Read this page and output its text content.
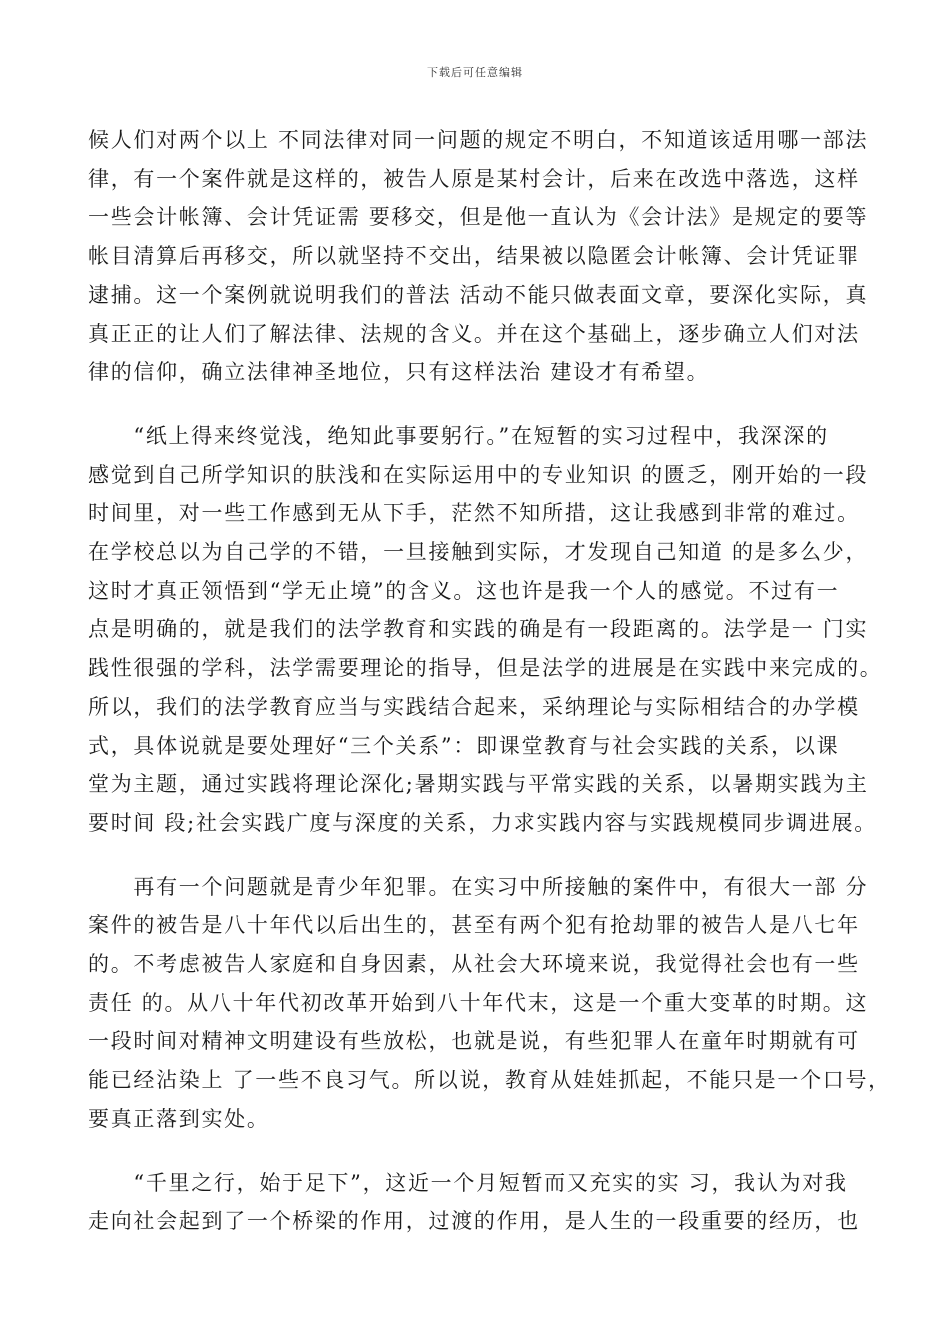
下载后可任意编辑

候人们对两个以上 不同法律对同一问题的规定不明白，不知道该适用哪一部法
律，有一个案件就是这样的，被告人原是某村会计，后来在改选中落选，这样
一些会计帐簿、会计凭证需 要移交，但是他一直认为《会计法》是规定的要等
帐目清算后再移交，所以就坚持不交出，结果被以隐匿会计帐簿、会计凭证罪
逮捕。这一个案例就说明我们的普法 活动不能只做表面文章，要深化实际，真
真正正的让人们了解法律、法规的含义。并在这个基础上，逐步确立人们对法
律的信仰，确立法律神圣地位，只有这样法治 建设才有希望。

　　“纸上得来终觉浅，绝知此事要躬行。”在短暂的实习过程中，我深深的
感觉到自己所学知识的肤浅和在实际运用中的专业知识 的匮乏，刚开始的一段
时间里，对一些工作感到无从下手，茫然不知所措，这让我感到非常的难过。
在学校总以为自己学的不错，一旦接触到实际，才发现自己知道 的是多么少，
这时才真正领悟到“学无止境”的含义。这也许是我一个人的感觉。不过有一
点是明确的，就是我们的法学教育和实践的确是有一段距离的。法学是一 门实
践性很强的学科，法学需要理论的指导，但是法学的进展是在实践中来完成的。
所以，我们的法学教育应当与实践结合起来，采纳理论与实际相结合的办学模
式，具体说就是要处理好“三个关系”：即课堂教育与社会实践的关系，以课
堂为主题，通过实践将理论深化;暑期实践与平常实践的关系，以暑期实践为主
要时间 段;社会实践广度与深度的关系，力求实践内容与实践规模同步调进展。

　　再有一个问题就是青少年犯罪。在实习中所接触的案件中，有很大一部 分
案件的被告是八十年代以后出生的，甚至有两个犯有抢劫罪的被告人是八七年
的。不考虑被告人家庭和自身因素，从社会大环境来说，我觉得社会也有一些
责任 的。从八十年代初改革开始到八十年代末，这是一个重大变革的时期。这
一段时间对精神文明建设有些放松，也就是说，有些犯罪人在童年时期就有可
能已经沾染上 了一些不良习气。所以说，教育从娃娃抓起，不能只是一个口号，
要真正落到实处。

　　“千里之行，始于足下”，这近一个月短暂而又充实的实 习，我认为对我
走向社会起到了一个桥梁的作用，过渡的作用，是人生的一段重要的经历，也
